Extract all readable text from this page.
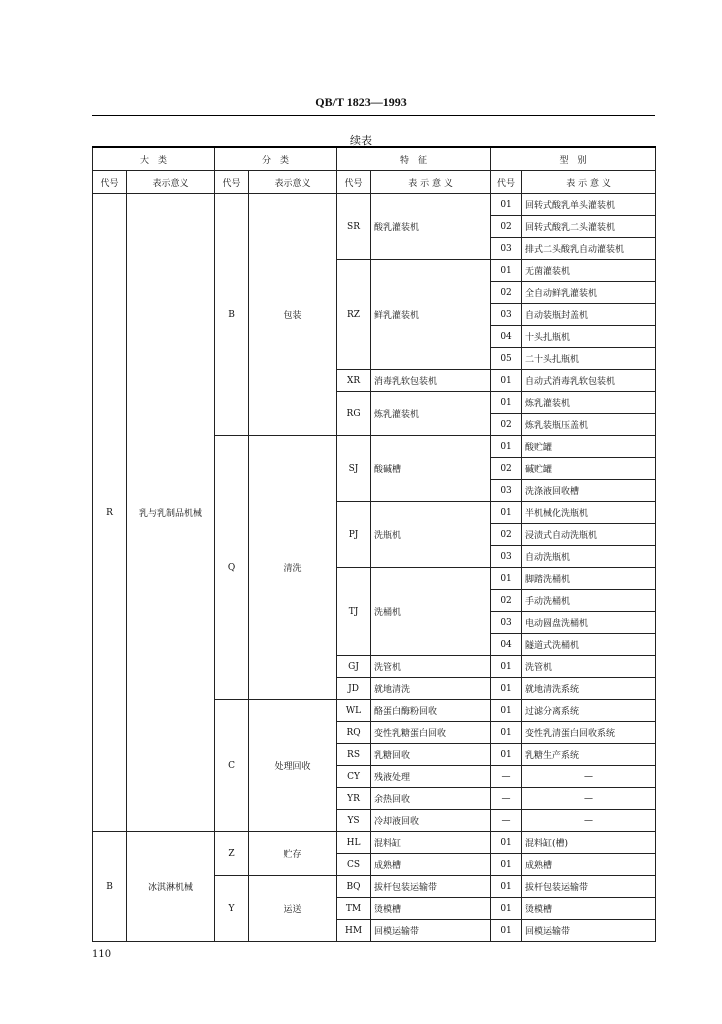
QB/T 1823—1993
续表
大　类		分　类		特　征		型　别	
代号	表示意义	代号	表示意义	代号	表 示 意 义	代号	表 示 意 义
R	乳与乳制品机械	B	包装	SR	酸乳灌装机	01	回转式酸乳单头灌装机
						02	回转式酸乳二头灌装机
						03	排式二头酸乳自动灌装机
				RZ	鲜乳灌装机	01	无菌灌装机
						02	全自动鲜乳灌装机
						03	自动装瓶封盖机
						04	十头扎瓶机
						05	二十头扎瓶机
				XR	消毒乳软包装机	01	自动式消毒乳软包装机
				RG	炼乳灌装机	01	炼乳灌装机
						02	炼乳装瓶压盖机
		Q	清洗	SJ	酸碱槽	01	酸贮罐
						02	碱贮罐
						03	洗涤液回收槽
				PJ	洗瓶机	01	半机械化洗瓶机
						02	浸渍式自动洗瓶机
						03	自动洗瓶机
				TJ	洗桶机	01	脚踏洗桶机
						02	手动洗桶机
						03	电动圆盘洗桶机
						04	隧道式洗桶机
				GJ	洗管机	01	洗管机
				JD	就地清洗	01	就地清洗系统
		C	处理回收	WL	酪蛋白酶粉回收	01	过滤分离系统
				RQ	变性乳糖蛋白回收	01	变性乳清蛋白回收系统
				RS	乳糖回收	01	乳糖生产系统
				CY	残液处理	—	—
				YR	余热回收	—	—
				YS	冷却液回收	—	—
B	冰淇淋机械	Z	贮存	HL	混料缸	01	混料缸(槽)
				CS	成熟槽	01	成熟槽
		Y	运送	BQ	拔杆包装运输带	01	拔杆包装运输带
				TM	烫模槽	01	烫模槽
				HM	回模运输带	01	回模运输带
110
